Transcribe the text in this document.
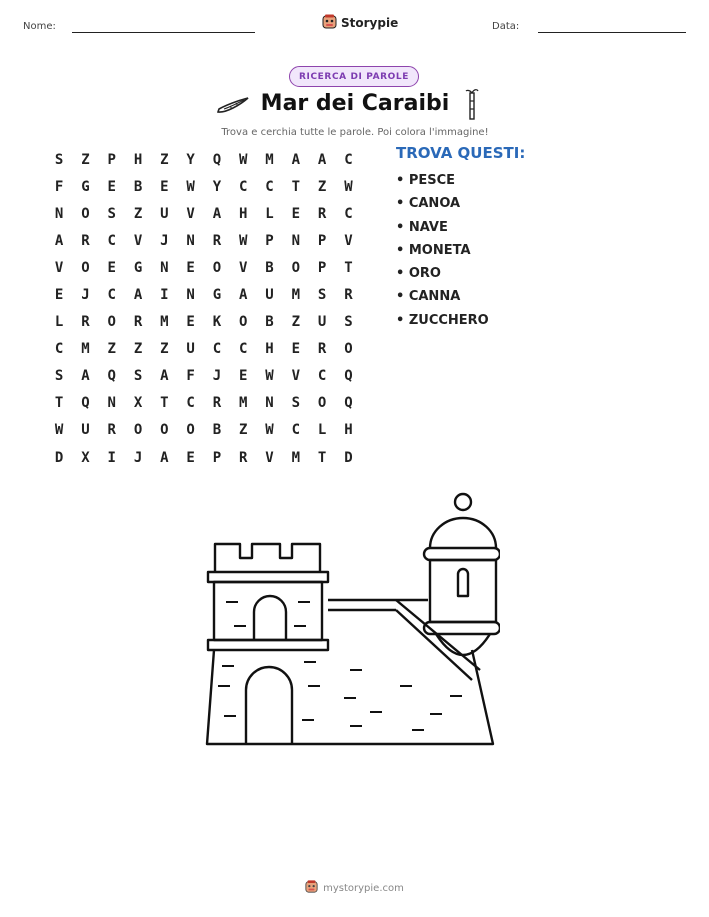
Nome:	Storypie	Data:
RICERCA DI PAROLE
Mar dei Caraibi
Trova e cerchia tutte le parole. Poi colora l'immagine!
S	Z	P	H	Z	Y	Q	W	M	A	A	C
F	G	E	B	E	W	Y	C	C	T	Z	W
N	O	S	Z	U	V	A	H	L	E	R	C
A	R	C	V	J	N	R	W	P	N	P	V
V	O	E	G	N	E	O	V	B	O	P	T
E	J	C	A	I	N	G	A	U	M	S	R
L	R	O	R	M	E	K	O	B	Z	U	S
C	M	Z	Z	Z	U	C	C	H	E	R	O
S	A	Q	S	A	F	J	E	W	V	C	Q
T	Q	N	X	T	C	R	M	N	S	O	Q
W	U	R	O	O	O	B	Z	W	C	L	H
D	X	I	J	A	E	P	R	V	M	T	D
TROVA QUESTI:
• PESCE
• CANOA
• NAVE
• MONETA
• ORO
• CANNA
• ZUCCHERO
mystorypie.com
